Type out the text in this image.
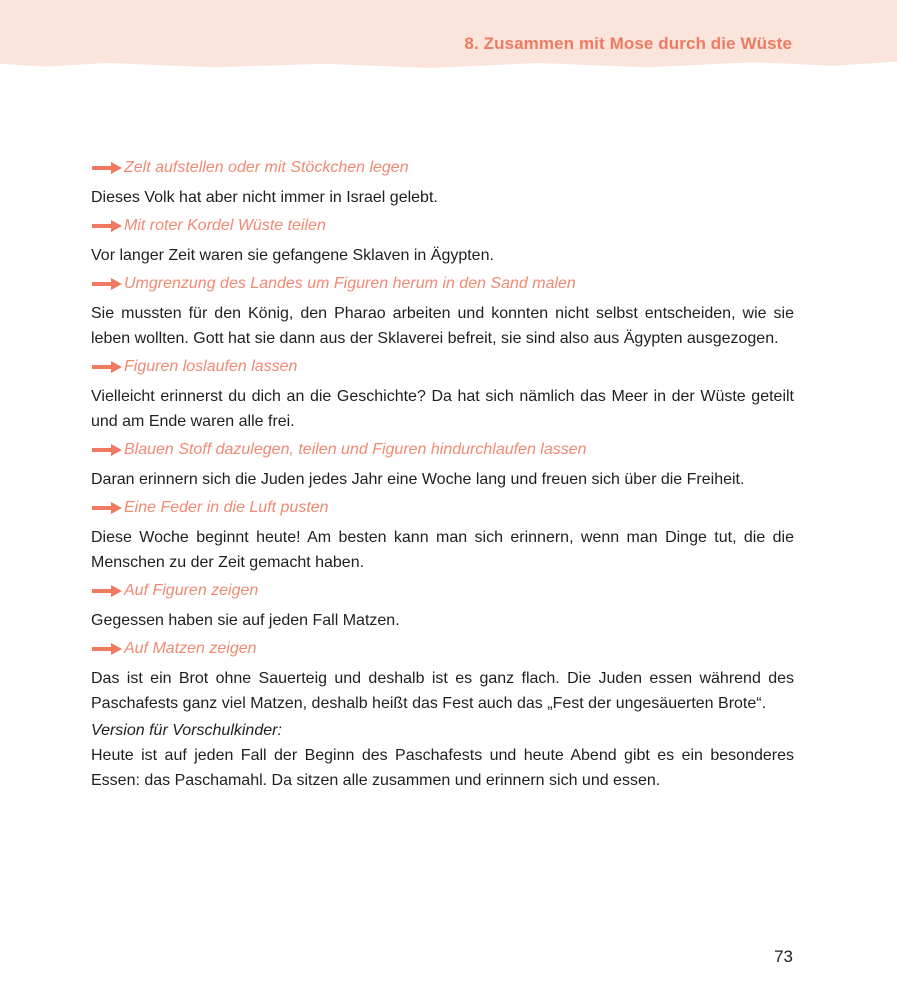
8. Zusammen mit Mose durch die Wüste
Zelt aufstellen oder mit Stöckchen legen

Dieses Volk hat aber nicht immer in Israel gelebt.

Mit roter Kordel Wüste teilen

Vor langer Zeit waren sie gefangene Sklaven in Ägypten.

Umgrenzung des Landes um Figuren herum in den Sand malen

Sie mussten für den König, den Pharao arbeiten und konnten nicht selbst entscheiden, wie sie leben wollten. Gott hat sie dann aus der Sklaverei befreit, sie sind also aus Ägypten ausgezogen.

Figuren loslaufen lassen

Vielleicht erinnerst du dich an die Geschichte? Da hat sich nämlich das Meer in der Wüste geteilt und am Ende waren alle frei.

Blauen Stoff dazulegen, teilen und Figuren hindurchlaufen lassen

Daran erinnern sich die Juden jedes Jahr eine Woche lang und freuen sich über die Freiheit.

Eine Feder in die Luft pusten

Diese Woche beginnt heute! Am besten kann man sich erinnern, wenn man Dinge tut, die die Menschen zu der Zeit gemacht haben.

Auf Figuren zeigen

Gegessen haben sie auf jeden Fall Matzen.

Auf Matzen zeigen

Das ist ein Brot ohne Sauerteig und deshalb ist es ganz flach. Die Juden essen während des Paschafests ganz viel Matzen, deshalb heißt das Fest auch das „Fest der ungesäuerten Brote“.

Version für Vorschulkinder:

Heute ist auf jeden Fall der Beginn des Paschafests und heute Abend gibt es ein besonderes Essen: das Paschamahl. Da sitzen alle zusammen und erinnern sich und essen.

73
